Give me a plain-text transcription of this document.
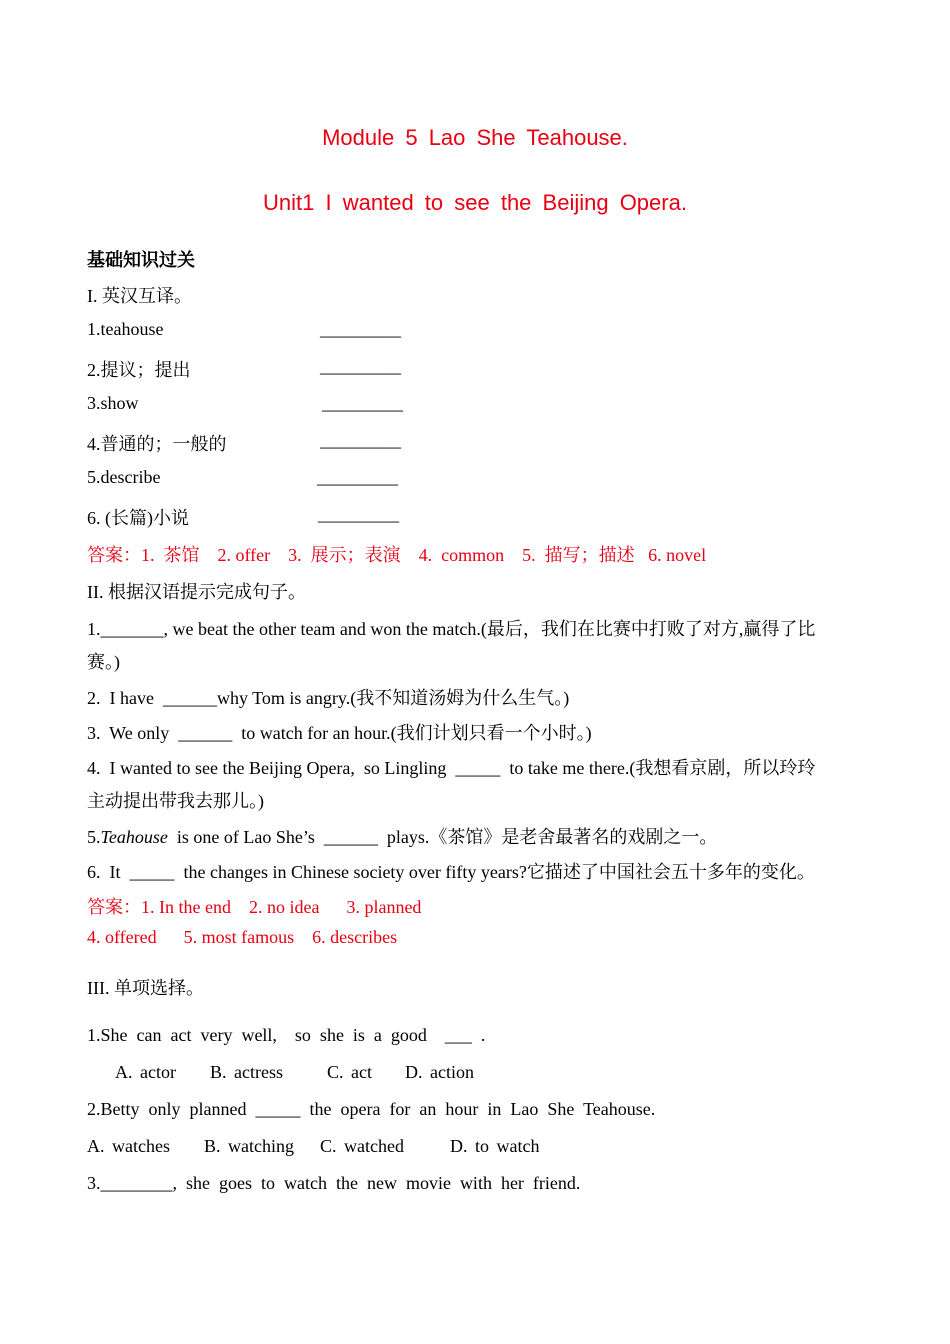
Module 5 Lao She Teahouse.
Unit1 I wanted to see the Beijing Opera.
基础知识过关
I. 英汉互译。
1.teahouse	_________
2.提议；提出	_________
3.show	_________
4.普通的；一般的	_________
5.describe	_________
6. (长篇)小说	_________
答案：1.  茶馆    2. offer    3.  展示；表演    4.  common    5.  描写；描述   6. novel
II. 根据汉语提示完成句子。
1._______, we beat the other team and won the match.(最后，我们在比赛中打败了对方,赢得了比
赛。)
2.  I have  ______why Tom is angry.(我不知道汤姆为什么生气。)
3.  We only  ______  to watch for an hour.(我们计划只看一个小时。)
4.  I wanted to see the Beijing Opera,  so Lingling  _____  to take me there.(我想看京剧，所以玲玲
主动提出带我去那儿。)
5.Teahouse  is one of Lao She’s  ______  plays.《茶馆》是老舍最著名的戏剧之一。
6.  It  _____  the changes in Chinese society over fifty years?它描述了中国社会五十多年的变化。
答案：1. In the end    2. no idea      3. planned
4. offered      5. most famous    6. describes
III. 单项选择。
1.She  can  act  very  well,    so  she  is  a  good    ___  .
A. actor B. actress C. act D. action
2.Betty  only  planned  _____  the  opera  for  an  hour  in  Lao  She  Teahouse.
A. watches B. watching C. watched	D. to watch
3.________,  she  goes  to  watch  the  new  movie  with  her  friend.
